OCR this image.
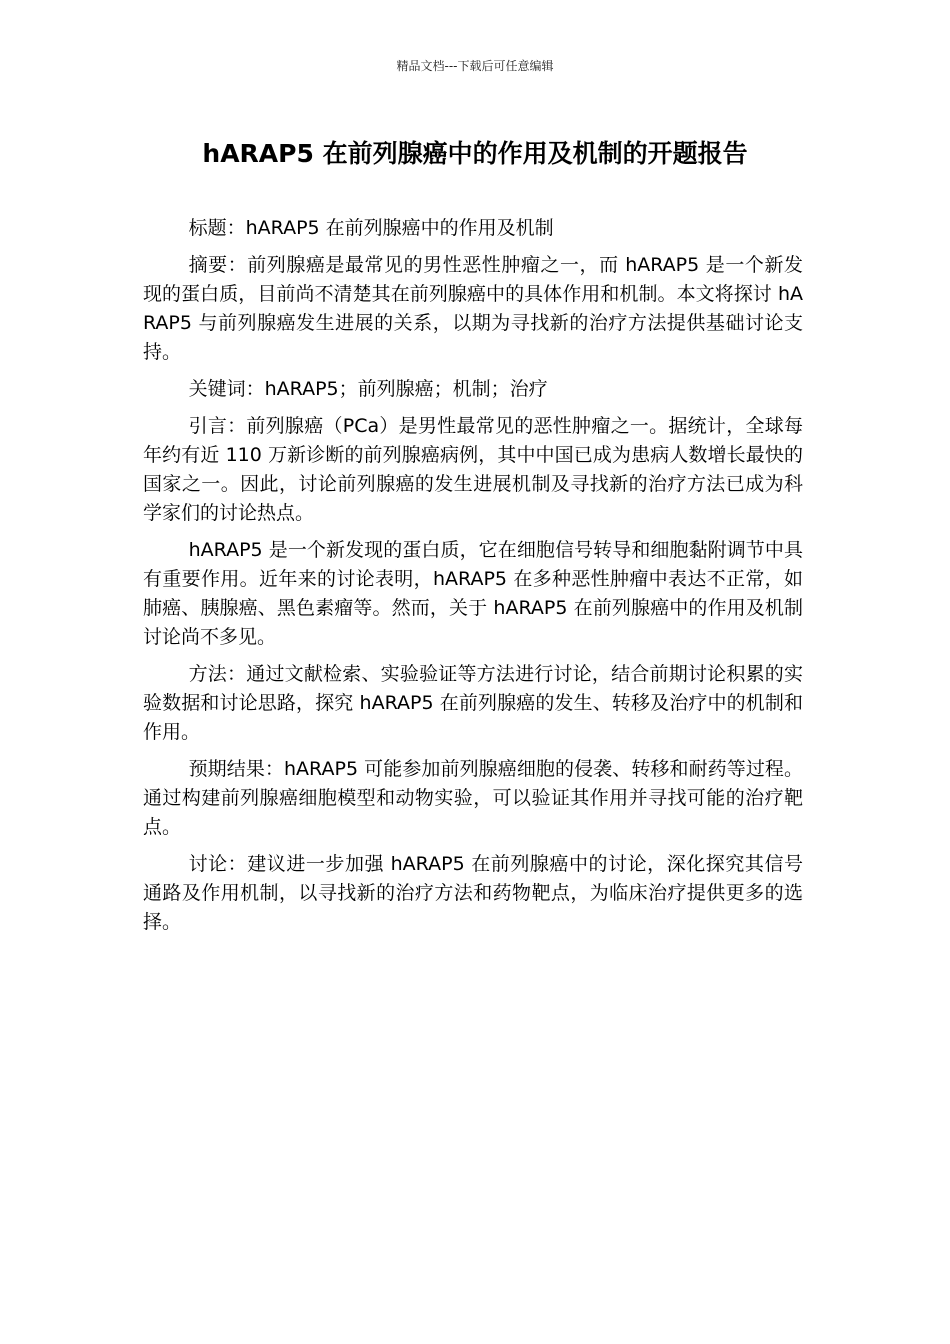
精品文档---下载后可任意编辑
hARAP5 在前列腺癌中的作用及机制的开题报告

标题：hARAP5 在前列腺癌中的作用及机制

摘要：前列腺癌是最常见的男性恶性肿瘤之一，而 hARAP5 是一个新发现的蛋白质，目前尚不清楚其在前列腺癌中的具体作用和机制。本文将探讨 hARAP5 与前列腺癌发生进展的关系，以期为寻找新的治疗方法提供基础讨论支持。

关键词：hARAP5；前列腺癌；机制；治疗

引言：前列腺癌（PCa）是男性最常见的恶性肿瘤之一。据统计，全球每年约有近 110 万新诊断的前列腺癌病例，其中中国已成为患病人数增长最快的国家之一。因此，讨论前列腺癌的发生进展机制及寻找新的治疗方法已成为科学家们的讨论热点。

hARAP5 是一个新发现的蛋白质，它在细胞信号转导和细胞黏附调节中具有重要作用。近年来的讨论表明，hARAP5 在多种恶性肿瘤中表达不正常，如肺癌、胰腺癌、黑色素瘤等。然而，关于 hARAP5 在前列腺癌中的作用及机制讨论尚不多见。

方法：通过文献检索、实验验证等方法进行讨论，结合前期讨论积累的实验数据和讨论思路，探究 hARAP5 在前列腺癌的发生、转移及治疗中的机制和作用。

预期结果：hARAP5 可能参加前列腺癌细胞的侵袭、转移和耐药等过程。通过构建前列腺癌细胞模型和动物实验，可以验证其作用并寻找可能的治疗靶点。

讨论：建议进一步加强 hARAP5 在前列腺癌中的讨论，深化探究其信号通路及作用机制，以寻找新的治疗方法和药物靶点，为临床治疗提供更多的选择。
